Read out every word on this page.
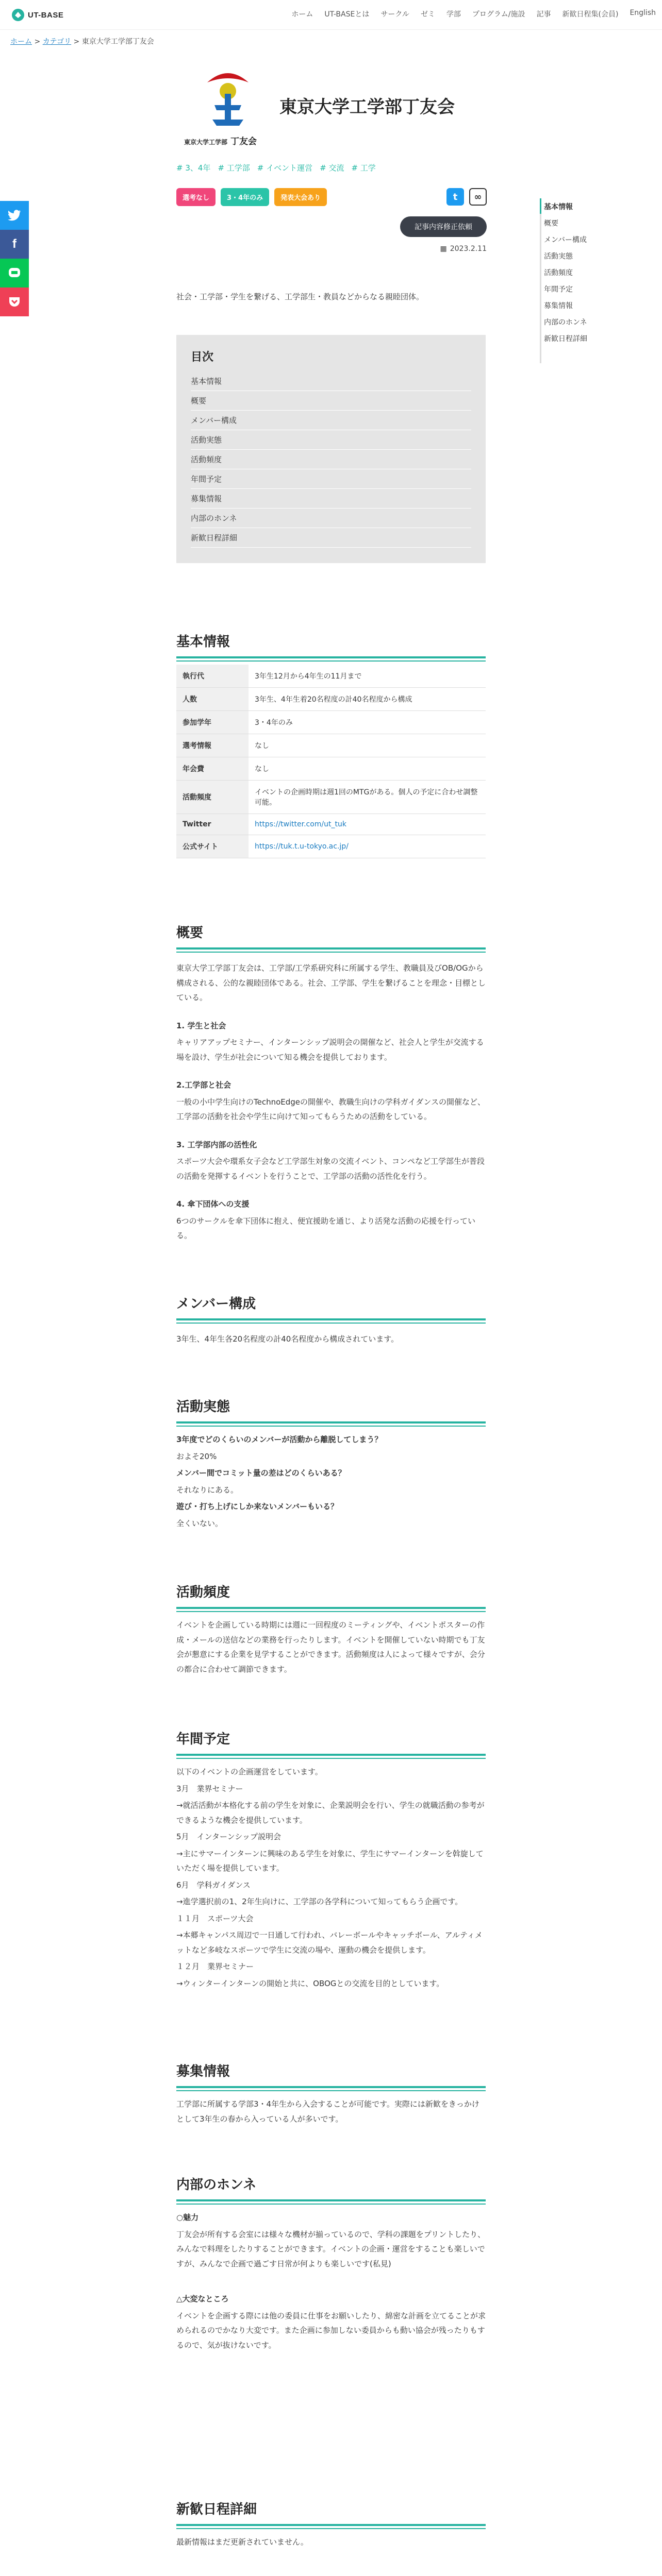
UT-BASE	ホーム UT-BASEとは サークル ゼミ 学部 プログラム/施設 記事 新歓日程集(会員) English
ホーム > カテゴリ > 東京大学工学部丁友会
f
東京大学工学部丁友会
東京大学工学部 丁友会
# 3、4年 # 工学部 # イベント運営 # 交流 # 工学
選考なし	3・4年のみ	発表大会あり	t	∞
記事内容修正依頼
▦ 2023.2.11

社会・工学部・学生を繋げる、工学部生・教員などからなる親睦団体。

目次
基本情報
概要
メンバー構成
活動実態
活動頻度
年間予定
募集情報
内部のホンネ
新歓日程詳細
基本情報
執行代	3年生12月から4年生の11月まで
人数	3年生、4年生着20名程度の計40名程度から構成
参加学年	3・4年のみ
選考情報	なし
年会費	なし
活動頻度	イベントの企画時期は週1回のMTGがある。個人の予定に合わせ調整可能。
Twitter	https://twitter.com/ut_tuk
公式サイト	https://tuk.t.u-tokyo.ac.jp/
概要

東京大学工学部丁友会は、工学部/工学系研究科に所属する学生、教職員及びOB/OGから構成される、公的な親睦団体である。社会、工学部、学生を繋げることを理念・目標としている。

1. 学生と社会

キャリアアップセミナー、インターンシップ説明会の開催など、社会人と学生が交流する場を設け、学生が社会について知る機会を提供しております。

2.工学部と社会

一般の小中学生向けのTechnoEdgeの開催や、教職生向けの学科ガイダンスの開催など、工学部の活動を社会や学生に向けて知ってもらうための活動をしている。

3. 工学部内部の活性化

スポーツ大会や環系女子会など工学部生対象の交流イベント、コンペなど工学部生が普段の活動を発揮するイベントを行うことで、工学部の活動の活性化を行う。

4. 傘下団体への支援

6つのサークルを傘下団体に抱え、便宜援助を通じ、より活発な活動の応援を行っている。

メンバー構成
3年生、4年生各20名程度の計40名程度から構成されています。
活動実態

3年度でどのくらいのメンバーが活動から離脱してしまう？

およそ20%

メンバー間でコミット量の差はどのくらいある？

それなりにある。

遊び・打ち上げにしか来ないメンバーもいる？

全くいない。

活動頻度
イベントを企画している時期には週に一回程度のミーティングや、イベントポスターの作成・メールの送信などの業務を行ったりします。イベントを開催していない時期でも丁友会が懇意にする企業を見学することができます。活動頻度は人によって様々ですが、会分の都合に合わせて調節できます。
年間予定

以下のイベントの企画運営をしています。

3月　業界セミナー

→就活活動が本格化する前の学生を対象に、企業説明会を行い、学生の就職活動の参考ができるような機会を提供しています。

5月　インターンシップ説明会

→主にサマーインターンに興味のある学生を対象に、学生にサマーインターンを斡旋していただく場を提供しています。

6月　学科ガイダンス

→進学選択前の1、2年生向けに、工学部の各学科について知ってもらう企画です。

１１月　スポーツ大会

→本郷キャンパス周辺で一日通して行われ、バレーボールやキャッチボール、アルティメットなど多岐なスポーツで学生に交流の場や、運動の機会を提供します。

１２月　業界セミナー

→ウィンターインターンの開始と共に、OBOGとの交流を目的としています。

募集情報
工学部に所属する学部3・4年生から入会することが可能です。実際には新歓をきっかけとして3年生の春から入っている人が多いです。
内部のホンネ

○魅力

丁友会が所有する会室には様々な機材が揃っているので、学科の課題をプリントしたり、みんなで料理をしたりすることができます。イベントの企画・運営をすることも楽しいですが、みんなで企画で過ごす日常が何よりも楽しいです(私見)

△大変なところ

イベントを企画する際には他の委員に仕事をお願いしたり、綿密な計画を立てることが求められるのでかなり大変です。また企画に参加しない委員からも動い協会が残ったりもするので、気が抜けないです。

新歓日程詳細
最新情報はまだ更新されていません。

基本情報
概要
メンバー構成
活動実態
活動頻度
年間予定
募集情報
内部のホンネ
新歓日程詳細
